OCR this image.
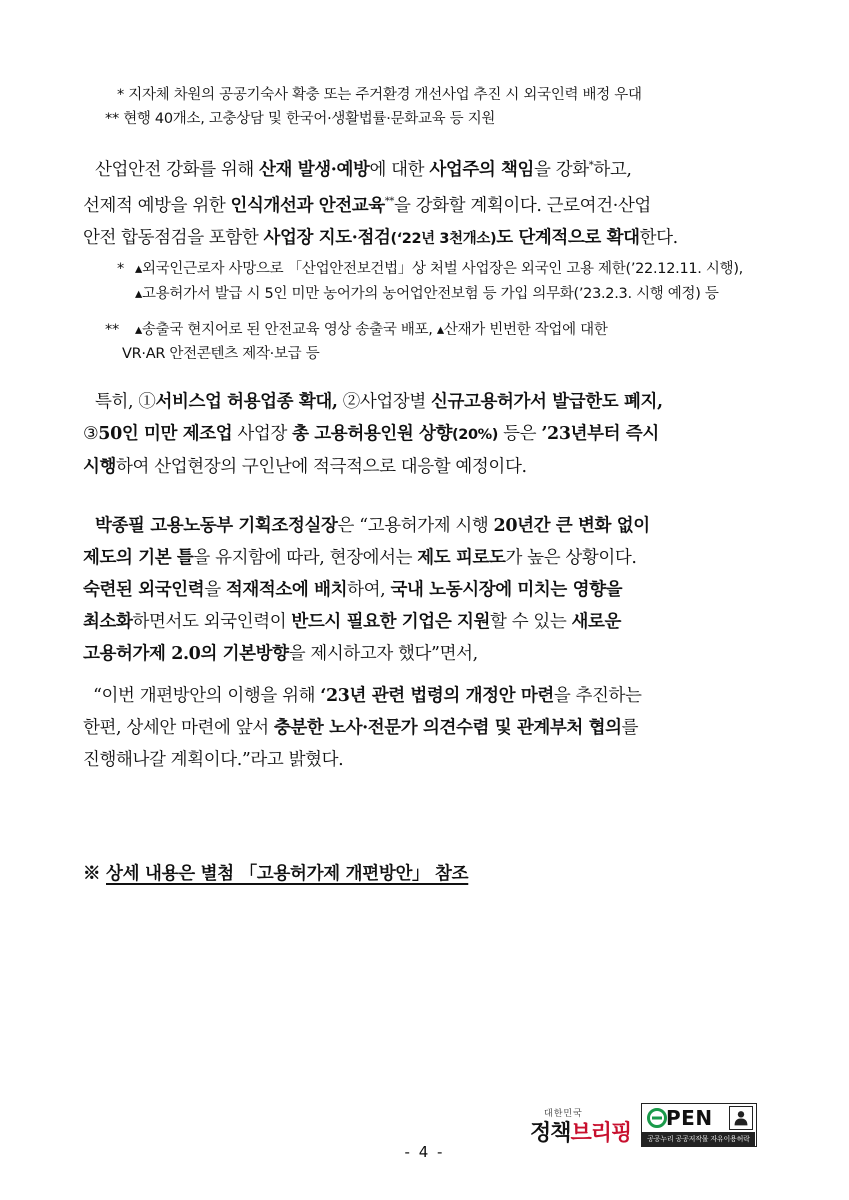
* 지자체 차원의 공공기숙사 확충 또는 주거환경 개선사업 추진 시 외국인력 배정 우대
** 현행 40개소, 고충상담 및 한국어·생활법률·문화교육 등 지원
산업안전 강화를 위해 산재 발생·예방에 대한 사업주의 책임을 강화*하고,
선제적 예방을 위한 인식개선과 안전교육**을 강화할 계획이다. 근로여건·산업
안전 합동점검을 포함한 사업장 지도·점검(‘22년 3천개소)도 단계적으로 확대한다.
* ▴외국인근로자 사망으로 「산업안전보건법」상 처벌 사업장은 외국인 고용 제한(’22.12.11. 시행),
▴고용허가서 발급 시 5인 미만 농어가의 농어업안전보험 등 가입 의무화(’23.2.3. 시행 예정) 등
** ▴송출국 현지어로 된 안전교육 영상 송출국 배포, ▴산재가 빈번한 작업에 대한
VR·AR 안전콘텐츠 제작·보급 등
특히, ①서비스업 허용업종 확대, ②사업장별 신규고용허가서 발급한도 폐지,
③50인 미만 제조업 사업장 총 고용허용인원 상향(20%) 등은 ’23년부터 즉시
시행하여 산업현장의 구인난에 적극적으로 대응할 예정이다.
박종필 고용노동부 기획조정실장은 “고용허가제 시행 20년간 큰 변화 없이
제도의 기본 틀을 유지함에 따라, 현장에서는 제도 피로도가 높은 상황이다.
숙련된 외국인력을 적재적소에 배치하여, 국내 노동시장에 미치는 영향을
최소화하면서도 외국인력이 반드시 필요한 기업은 지원할 수 있는 새로운
고용허가제 2.0의 기본방향을 제시하고자 했다”면서,
“이번 개편방안의 이행을 위해 ‘23년 관련 법령의 개정안 마련을 추진하는
한편, 상세안 마련에 앞서 충분한 노사·전문가 의견수렴 및 관계부처 협의를
진행해나갈 계획이다.”라고 밝혔다.
※ 상세 내용은 별첨 「고용허가제 개편방안」 참조
대한민국
정책브리핑
PEN
공공누리 공공저작물 자유이용허락
- 4 -
